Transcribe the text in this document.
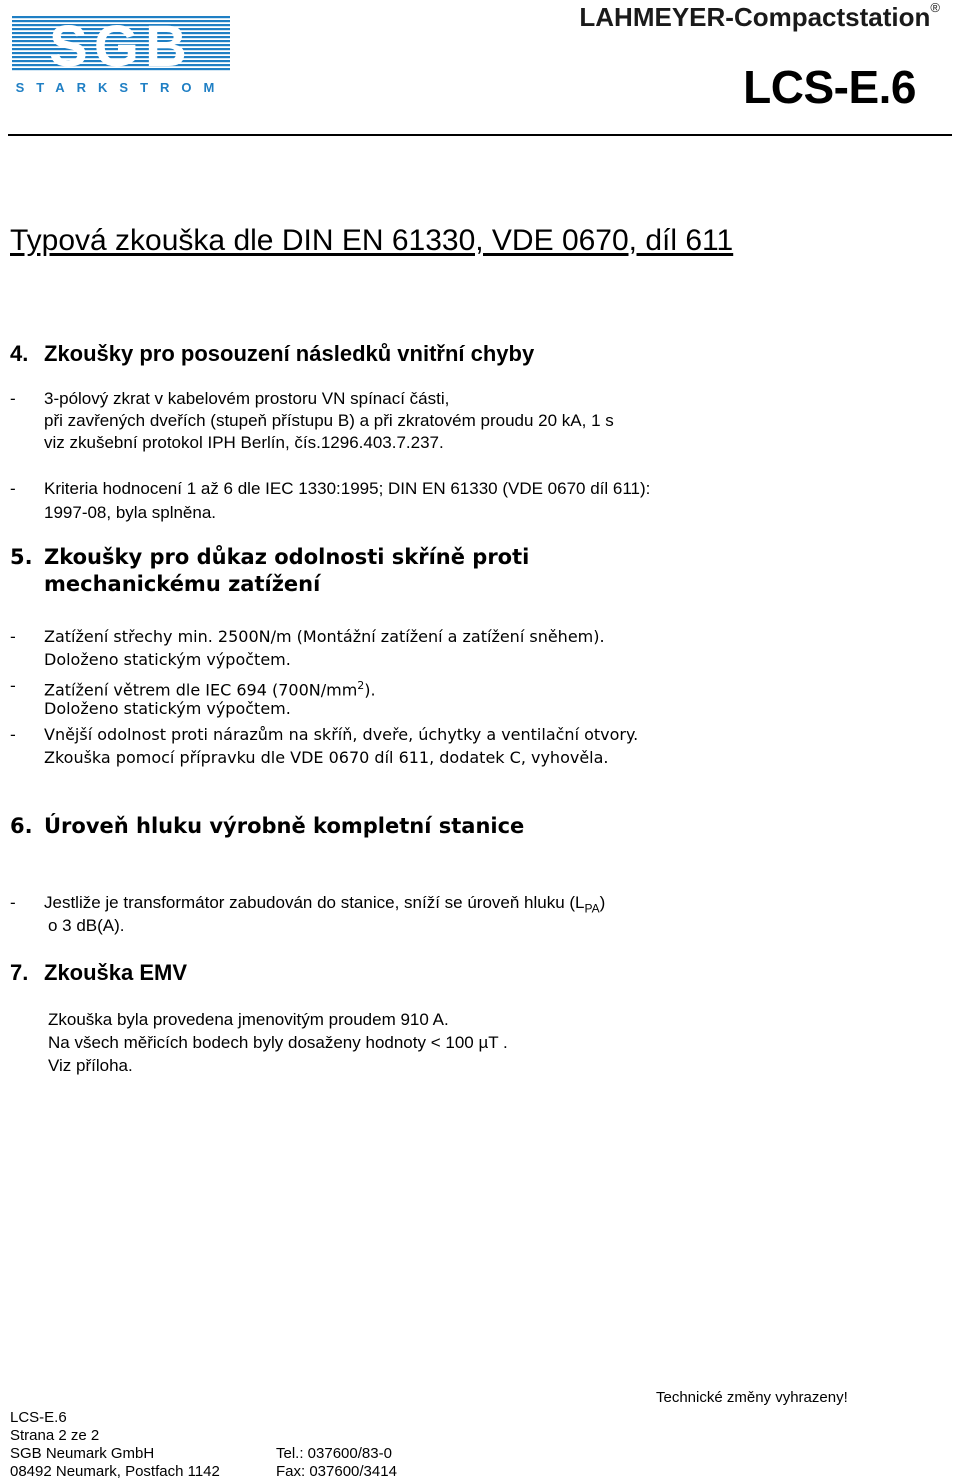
SGB
STARKSTROM
LAHMEYER-Compactstation®
LCS-E.6
Typová zkouška dle DIN EN 61330, VDE 0670, díl 611
4. Zkoušky pro posouzení následků vnitřní chyby
- 3-pólový zkrat v kabelovém prostoru VN spínací části,
při zavřených dveřích (stupeň přístupu B) a při zkratovém proudu 20 kA, 1 s
viz zkušební protokol IPH Berlín, čís.1296.403.7.237.
- Kriteria hodnocení 1 až 6 dle IEC 1330:1995; DIN EN 61330 (VDE 0670 díl 611):
1997-08, byla splněna.
5. Zkoušky pro důkaz odolnosti skříně proti
mechanickému zatížení
- Zatížení střechy min. 2500N/m (Montážní zatížení a zatížení sněhem).
Doloženo statickým výpočtem.
- Zatížení větrem dle IEC 694 $(700N/mm^2)$.
Doloženo statickým výpočtem.
- Vnější odolnost proti nárazům na skříň, dveře, úchytky a ventilační otvory.
Zkouška pomocí přípravku dle VDE 0670 díl 611, dodatek C, vyhověla.
6. Úroveň hluku výrobně kompletní stanice
- Jestliže je transformátor zabudován do stanice, sníží se úroveň hluku $(L_{PA})$
o 3 dB(A).
7. Zkouška EMV
Zkouška byla provedena jmenovitým proudem 910 A.
Na všech měřicích bodech byly dosaženy hodnoty < 100 µT .
Viz příloha.
Technické změny vyhrazeny!
LCS-E.6
Strana 2 ze 2
SGB Neumark GmbH
08492 Neumark, Postfach 1142
Tel.: 037600/83-0
Fax: 037600/3414
